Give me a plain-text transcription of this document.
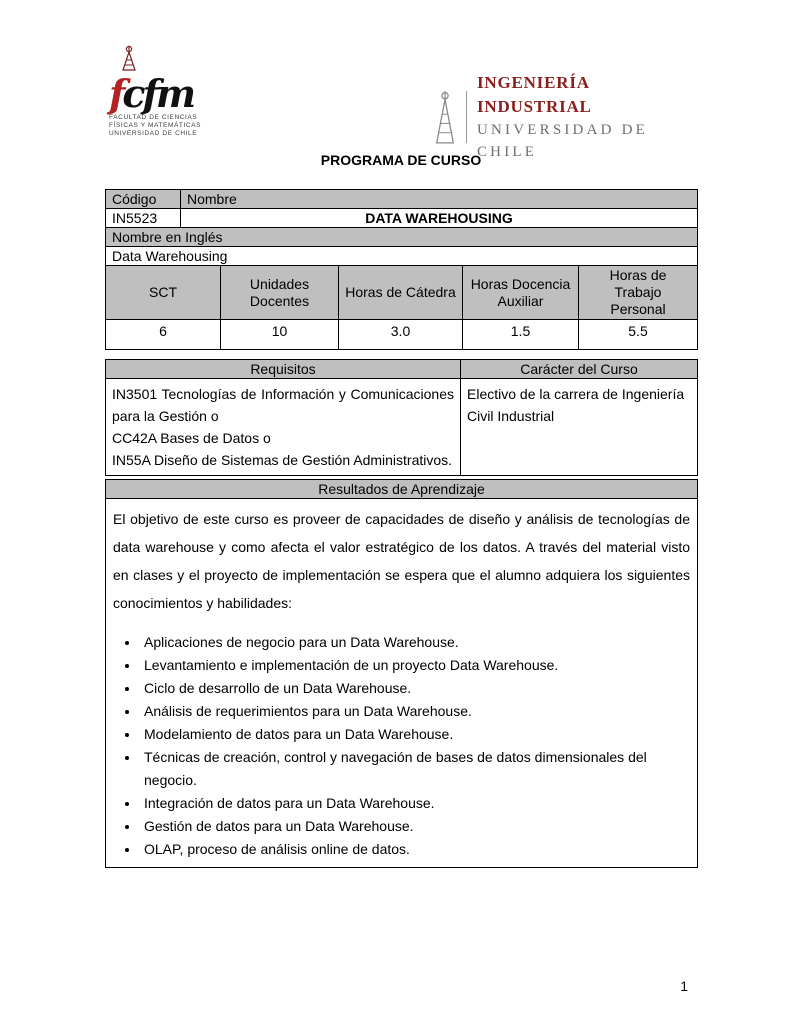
fcfm
FACULTAD DE CIENCIAS
FÍSICAS Y MATEMÁTICAS
UNIVERSIDAD DE CHILE
INGENIERÍA INDUSTRIAL
UNIVERSIDAD DE CHILE
PROGRAMA DE CURSO
Código	Nombre
IN5523	DATA WAREHOUSING
Nombre en Inglés
Data Warehousing
SCT	Unidades Docentes	Horas de Cátedra	Horas Docencia Auxiliar	Horas de Trabajo Personal
6	10	3.0	1.5	5.5
Requisitos	Carácter del Curso

IN3501 Tecnologías de Información y Comunicaciones para la Gestión o
CC42A Bases de Datos o
IN55A Diseño de Sistemas de Gestión Administrativos.	Electivo de la carrera de Ingeniería Civil Industrial
Resultados de Aprendizaje

El objetivo de este curso es proveer de capacidades de diseño y análisis de tecnologías de data warehouse y como afecta el valor estratégico de los datos. A través del material visto en clases y el proyecto de implementación se espera que el alumno adquiera los siguientes conocimientos y habilidades:
• Aplicaciones de negocio para un Data Warehouse.
• Levantamiento e implementación de un proyecto Data Warehouse.
• Ciclo de desarrollo de un Data Warehouse.
• Análisis de requerimientos para un Data Warehouse.
• Modelamiento de datos para un Data Warehouse.
• Técnicas de creación, control y navegación de bases de datos dimensionales del negocio.
• Integración de datos para un Data Warehouse.
• Gestión de datos para un Data Warehouse.
• OLAP, proceso de análisis online de datos.
1
